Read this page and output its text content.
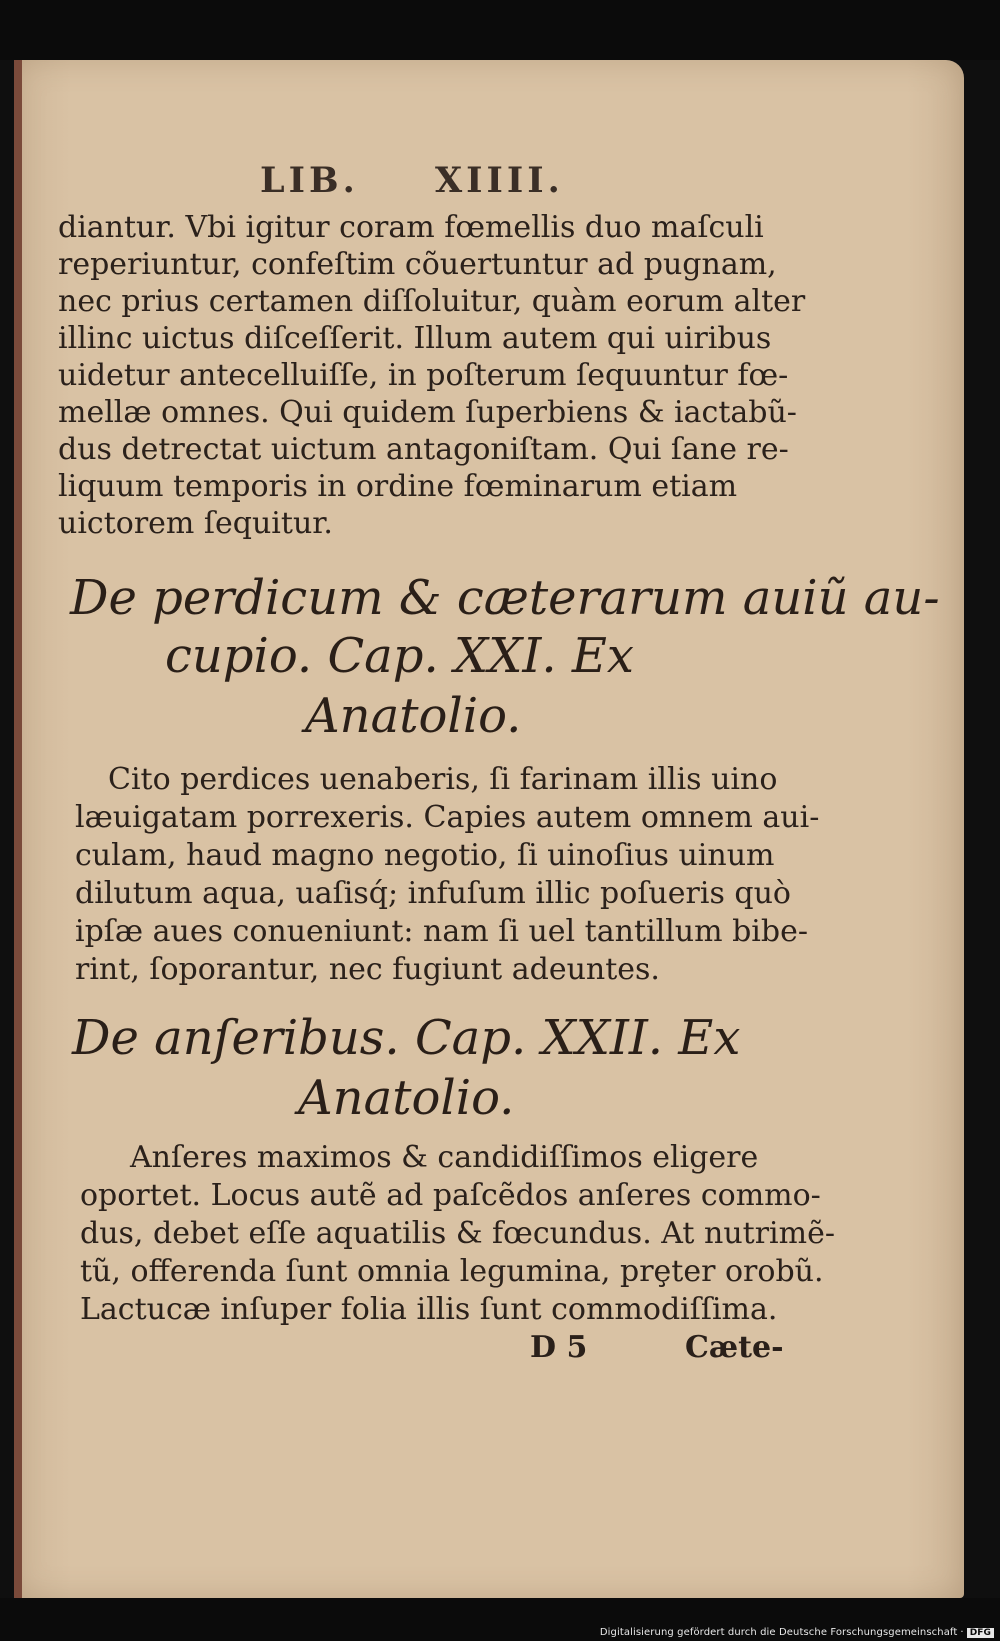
LIB. XIIII.
diantur. Vbi igitur coram fœmellis duo maſculi
reperiuntur, confeſtim cõuertuntur ad pugnam,
nec prius certamen diſſoluitur, quàm eorum alter
illinc uictus diſceſſerit. Illum autem qui uiribus
uidetur antecelluiſſe, in poſterum ſequuntur fœ-
mellæ omnes. Qui quidem ſuperbiens & iactabũ-
dus detrectat uictum antagoniſtam. Qui ſane re-
liquum temporis in ordine fœminarum etiam
uictorem ſequitur.
De perdicum & cæterarum auiũ au-
cupio. Cap. XXI. Ex
Anatolio.
Cito perdices uenaberis, ſi farinam illis uino
læuigatam porrexeris. Capies autem omnem aui-
culam, haud magno negotio, ſi uinoſius uinum
dilutum aqua, uaſisq́; infuſum illic poſueris quò
ipſæ aues conueniunt: nam ſi uel tantillum bibe-
rint, ſoporantur, nec fugiunt adeuntes.
De anſeribus. Cap. XXII. Ex
Anatolio.
Anſeres maximos & candidiſſimos eligere
oportet. Locus autẽ ad paſcẽdos anſeres commo-
dus, debet eſſe aquatilis & fœcundus. At nutrimẽ-
tũ, offerenda ſunt omnia legumina, prȩter orobũ.
Lactucæ inſuper folia illis ſunt commodiſſima.
D 5	Cæte-
Digitalisierung gefördert durch die Deutsche Forschungsgemeinschaft · DFG
